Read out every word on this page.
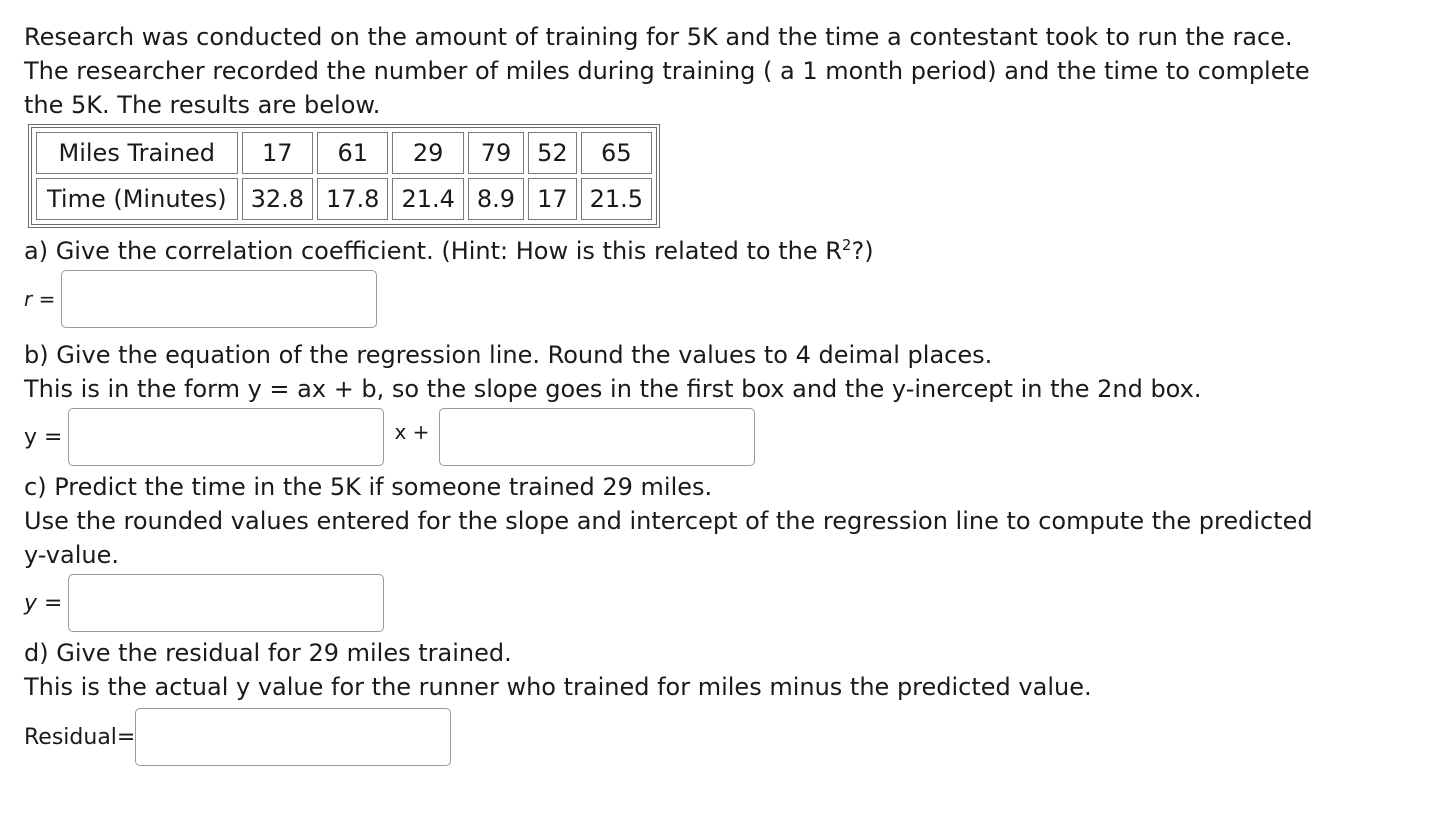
Research was conducted on the amount of training for 5K and the time a contestant took to run the race.

The researcher recorded the number of miles during training ( a 1 month period) and the time to complete

the 5K. The results are below.

Miles Trained	17	61	29	79	52	65
Time (Minutes)	32.8	17.8	21.4	8.9	17	21.5

a) Give the correlation coefficient. (Hint: How is this related to the $R^2$?)

r =

b) Give the equation of the regression line. Round the values to 4 deimal places.

This is in the form y = ax + b, so the slope goes in the first box and the y-inercept in the 2nd box.

y =	x +

c) Predict the time in the 5K if someone trained 29 miles.

Use the rounded values entered for the slope and intercept of the regression line to compute the predicted

y-value.

y =

d) Give the residual for 29 miles trained.

This is the actual y value for the runner who trained for miles minus the predicted value.

Residual=
